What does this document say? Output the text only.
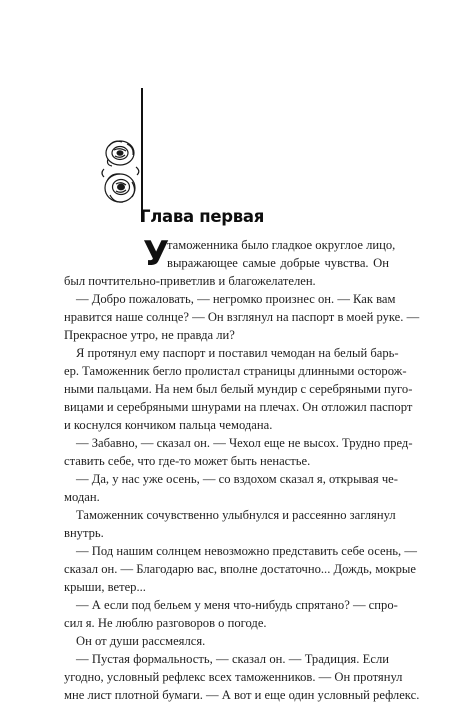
Глава первая
У
таможенника было гладкое округлое лицо,
выражающее самые добрые чувства. Он
был почтительно-приветлив и благожелателен.
— Добро пожаловать, — негромко произнес он. — Как вам
нравится наше солнце? — Он взглянул на паспорт в моей руке. —
Прекрасное утро, не правда ли?
Я протянул ему паспорт и поставил чемодан на белый барь-
ер. Таможенник бегло пролистал страницы длинными осторож-
ными пальцами. На нем был белый мундир с серебряными пуго-
вицами и серебряными шнурами на плечах. Он отложил паспорт
и коснулся кончиком пальца чемодана.
— Забавно, — сказал он. — Чехол еще не высох. Трудно пред-
ставить себе, что где-то может быть ненастье.
— Да, у нас уже осень, — со вздохом сказал я, открывая че-
модан.
Таможенник сочувственно улыбнулся и рассеянно заглянул
внутрь.
— Под нашим солнцем невозможно представить себе осень, —
сказал он. — Благодарю вас, вполне достаточно... Дождь, мокрые
крыши, ветер...
— А если под бельем у меня что-нибудь спрятано? — спро-
сил я. Не люблю разговоров о погоде.
Он от души рассмеялся.
— Пустая формальность, — сказал он. — Традиция. Если
угодно, условный рефлекс всех таможенников. — Он протянул
мне лист плотной бумаги. — А вот и еще один условный рефлекс.
